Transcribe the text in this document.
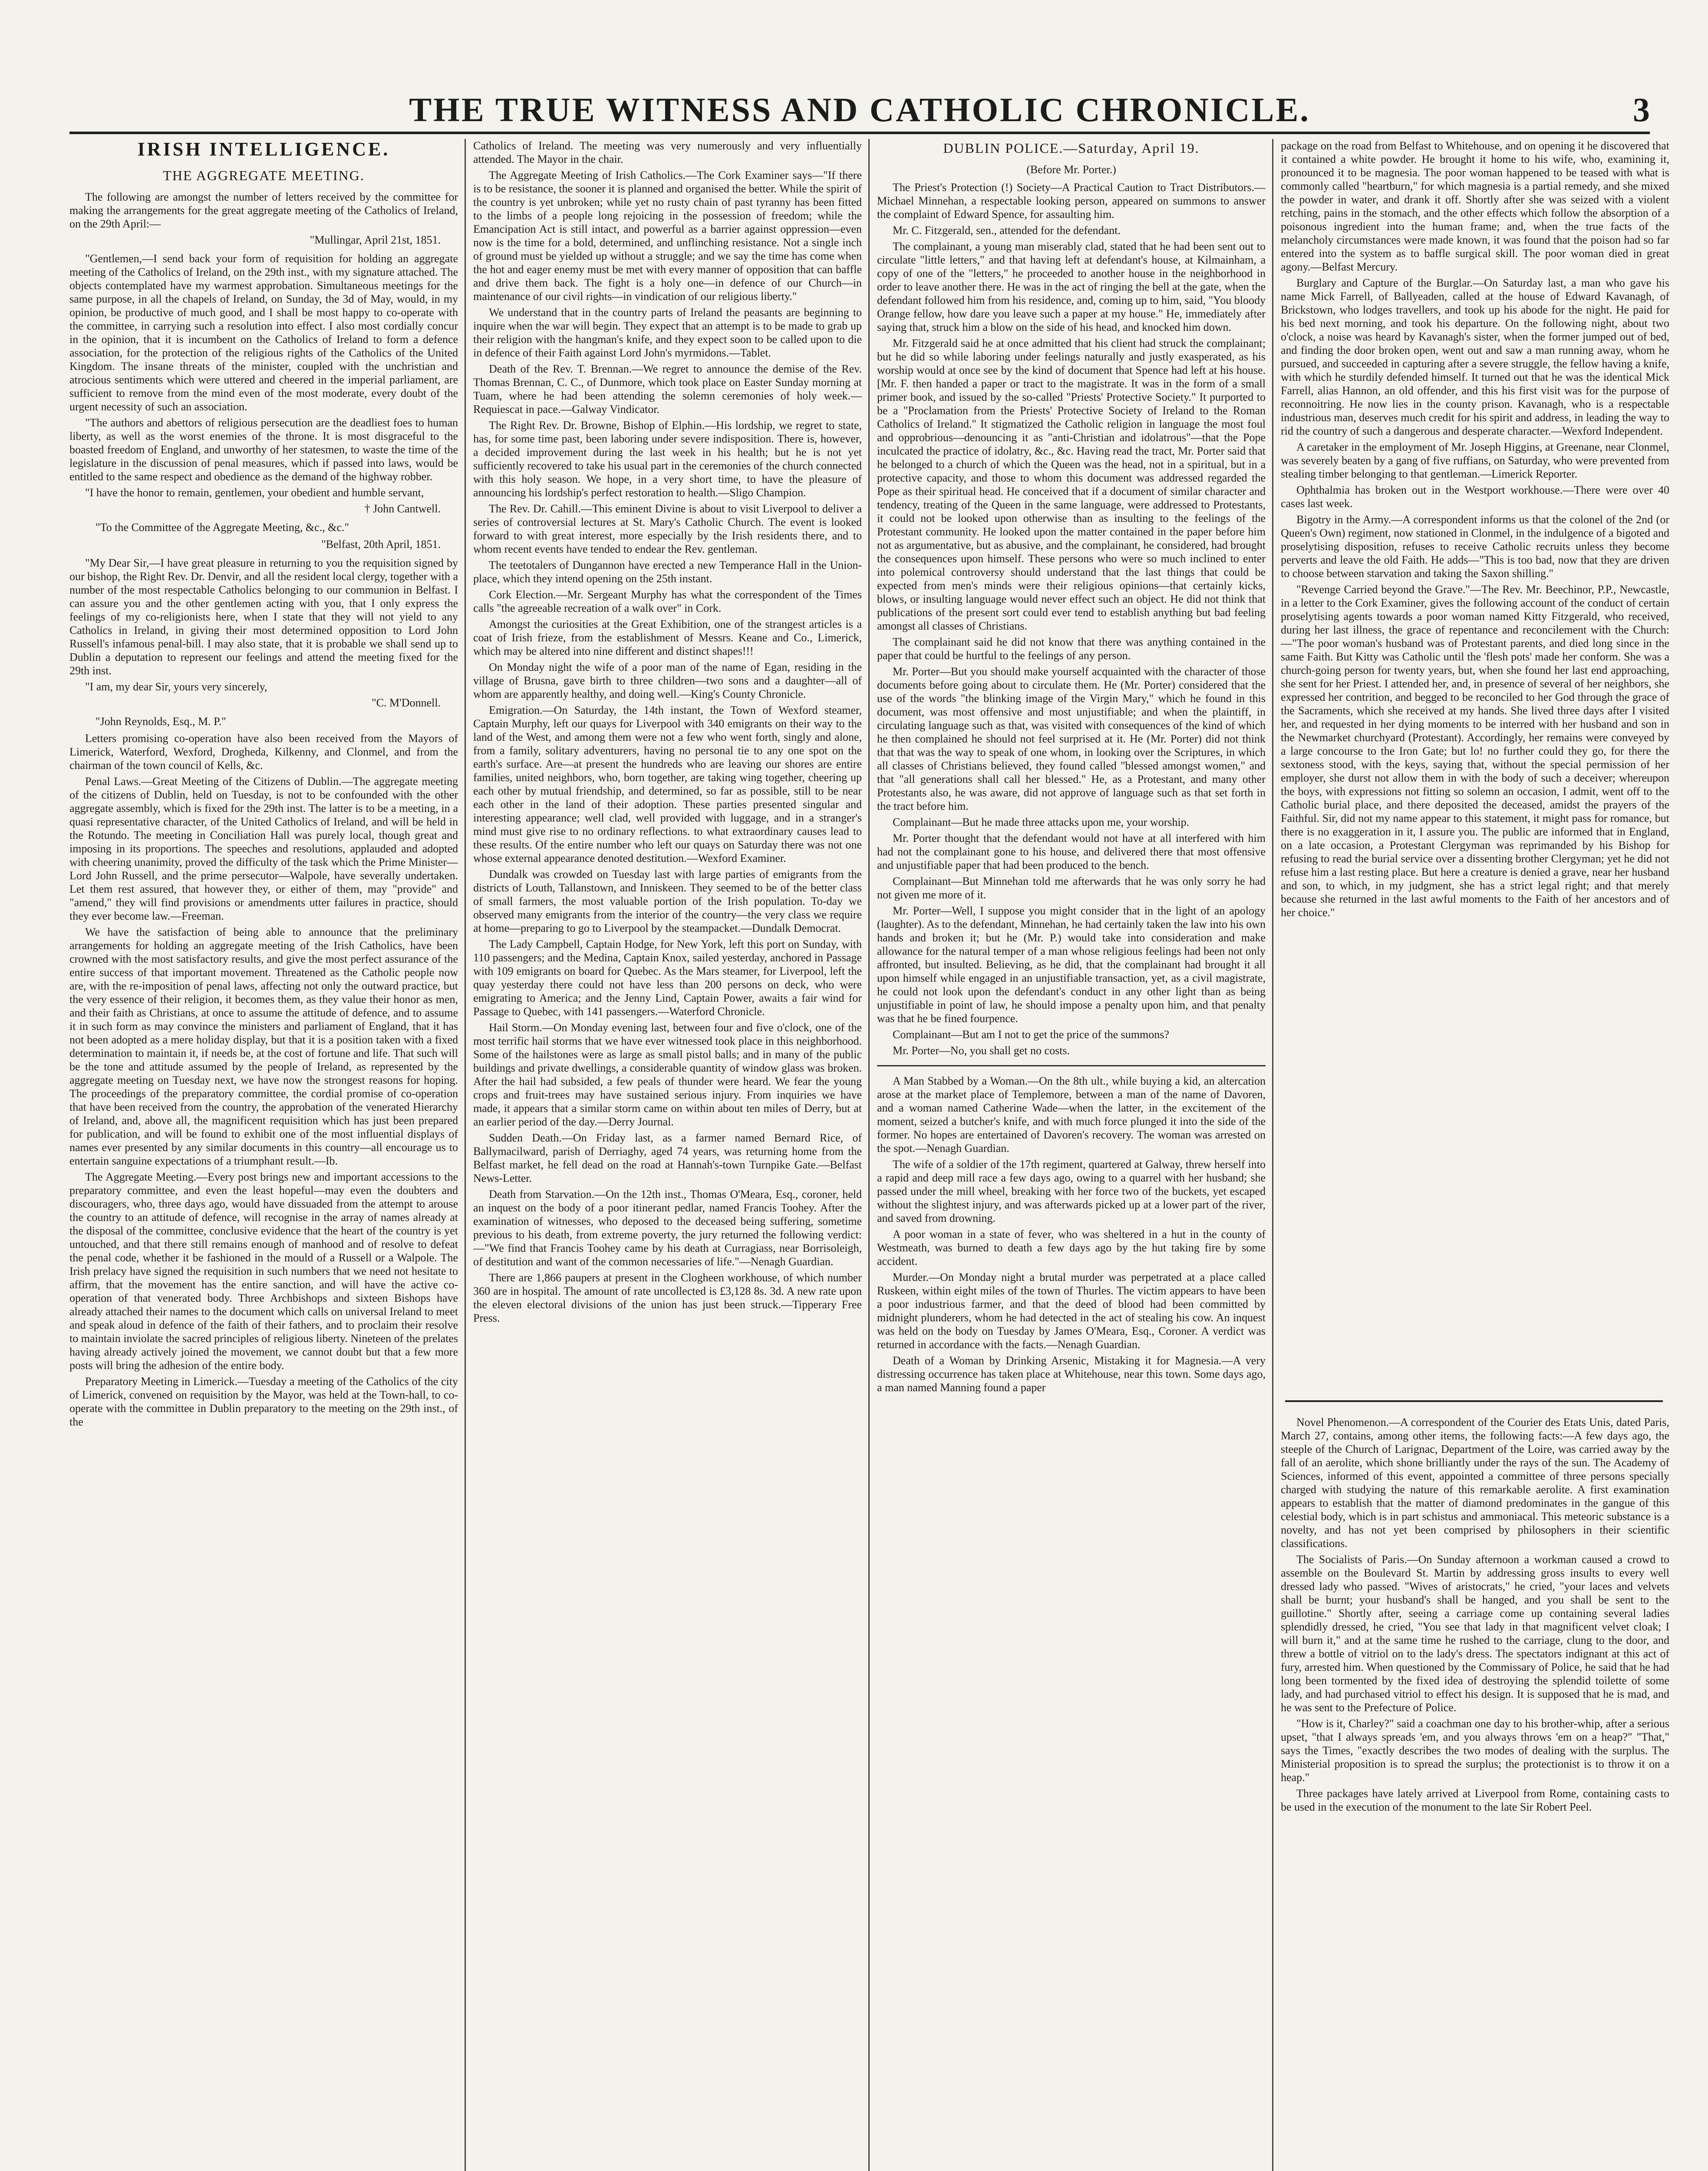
THE TRUE WITNESS AND CATHOLIC CHRONICLE.	3
IRISH INTELLIGENCE.
THE AGGREGATE MEETING.

The following are amongst the number of letters received by the committee for making the arrangements for the great aggregate meeting of the Catholics of Ireland, on the 29th April:—

"Mullingar, April 21st, 1851.

"Gentlemen,—I send back your form of requisition for holding an aggregate meeting of the Catholics of Ireland, on the 29th inst., with my signature attached. The objects contemplated have my warmest approbation. Simultaneous meetings for the same purpose, in all the chapels of Ireland, on Sunday, the 3d of May, would, in my opinion, be productive of much good, and I shall be most happy to co-operate with the committee, in carrying such a resolution into effect. I also most cordially concur in the opinion, that it is incumbent on the Catholics of Ireland to form a defence association, for the protection of the religious rights of the Catholics of the United Kingdom. The insane threats of the minister, coupled with the unchristian and atrocious sentiments which were uttered and cheered in the imperial parliament, are sufficient to remove from the mind even of the most moderate, every doubt of the urgent necessity of such an association.

"The authors and abettors of religious persecution are the deadliest foes to human liberty, as well as the worst enemies of the throne. It is most disgraceful to the boasted freedom of England, and unworthy of her statesmen, to waste the time of the legislature in the discussion of penal measures, which if passed into laws, would be entitled to the same respect and obedience as the demand of the highway robber.

"I have the honor to remain, gentlemen, your obedient and humble servant,

† John Cantwell.

"To the Committee of the Aggregate Meeting, &c., &c."

"Belfast, 20th April, 1851.

"My Dear Sir,—I have great pleasure in returning to you the requisition signed by our bishop, the Right Rev. Dr. Denvir, and all the resident local clergy, together with a number of the most respectable Catholics belonging to our communion in Belfast. I can assure you and the other gentlemen acting with you, that I only express the feelings of my co-religionists here, when I state that they will not yield to any Catholics in Ireland, in giving their most determined opposition to Lord John Russell's infamous penal-bill. I may also state, that it is probable we shall send up to Dublin a deputation to represent our feelings and attend the meeting fixed for the 29th inst.

"I am, my dear Sir, yours very sincerely,

"C. M'Donnell.

"John Reynolds, Esq., M. P."

Letters promising co-operation have also been received from the Mayors of Limerick, Waterford, Wexford, Drogheda, Kilkenny, and Clonmel, and from the chairman of the town council of Kells, &c.

Penal Laws.—Great Meeting of the Citizens of Dublin.—The aggregate meeting of the citizens of Dublin, held on Tuesday, is not to be confounded with the other aggregate assembly, which is fixed for the 29th inst. The latter is to be a meeting, in a quasi representative character, of the United Catholics of Ireland, and will be held in the Rotundo. The meeting in Conciliation Hall was purely local, though great and imposing in its proportions. The speeches and resolutions, applauded and adopted with cheering unanimity, proved the difficulty of the task which the Prime Minister—Lord John Russell, and the prime persecutor—Walpole, have severally undertaken. Let them rest assured, that however they, or either of them, may "provide" and "amend," they will find provisions or amendments utter failures in practice, should they ever become law.—Freeman.

We have the satisfaction of being able to announce that the preliminary arrangements for holding an aggregate meeting of the Irish Catholics, have been crowned with the most satisfactory results, and give the most perfect assurance of the entire success of that important movement. Threatened as the Catholic people now are, with the re-imposition of penal laws, affecting not only the outward practice, but the very essence of their religion, it becomes them, as they value their honor as men, and their faith as Christians, at once to assume the attitude of defence, and to assume it in such form as may convince the ministers and parliament of England, that it has not been adopted as a mere holiday display, but that it is a position taken with a fixed determination to maintain it, if needs be, at the cost of fortune and life. That such will be the tone and attitude assumed by the people of Ireland, as represented by the aggregate meeting on Tuesday next, we have now the strongest reasons for hoping. The proceedings of the preparatory committee, the cordial promise of co-operation that have been received from the country, the approbation of the venerated Hierarchy of Ireland, and, above all, the magnificent requisition which has just been prepared for publication, and will be found to exhibit one of the most influential displays of names ever presented by any similar documents in this country—all encourage us to entertain sanguine expectations of a triumphant result.—Ib.

The Aggregate Meeting.—Every post brings new and important accessions to the preparatory committee, and even the least hopeful—may even the doubters and discouragers, who, three days ago, would have dissuaded from the attempt to arouse the country to an attitude of defence, will recognise in the array of names already at the disposal of the committee, conclusive evidence that the heart of the country is yet untouched, and that there still remains enough of manhood and of resolve to defeat the penal code, whether it be fashioned in the mould of a Russell or a Walpole. The Irish prelacy have signed the requisition in such numbers that we need not hesitate to affirm, that the movement has the entire sanction, and will have the active co-operation of that venerated body. Three Archbishops and sixteen Bishops have already attached their names to the document which calls on universal Ireland to meet and speak aloud in defence of the faith of their fathers, and to proclaim their resolve to maintain inviolate the sacred principles of religious liberty. Nineteen of the prelates having already actively joined the movement, we cannot doubt but that a few more posts will bring the adhesion of the entire body.

Preparatory Meeting in Limerick.—Tuesday a meeting of the Catholics of the city of Limerick, convened on requisition by the Mayor, was held at the Town-hall, to co-operate with the committee in Dublin preparatory to the meeting on the 29th inst., of the

Catholics of Ireland. The meeting was very numerously and very influentially attended. The Mayor in the chair.

The Aggregate Meeting of Irish Catholics.—The Cork Examiner says—"If there is to be resistance, the sooner it is planned and organised the better. While the spirit of the country is yet unbroken; while yet no rusty chain of past tyranny has been fitted to the limbs of a people long rejoicing in the possession of freedom; while the Emancipation Act is still intact, and powerful as a barrier against oppression—even now is the time for a bold, determined, and unflinching resistance. Not a single inch of ground must be yielded up without a struggle; and we say the time has come when the hot and eager enemy must be met with every manner of opposition that can baffle and drive them back. The fight is a holy one—in defence of our Church—in maintenance of our civil rights—in vindication of our religious liberty."

We understand that in the country parts of Ireland the peasants are beginning to inquire when the war will begin. They expect that an attempt is to be made to grab up their religion with the hangman's knife, and they expect soon to be called upon to die in defence of their Faith against Lord John's myrmidons.—Tablet.

Death of the Rev. T. Brennan.—We regret to announce the demise of the Rev. Thomas Brennan, C. C., of Dunmore, which took place on Easter Sunday morning at Tuam, where he had been attending the solemn ceremonies of holy week.—Requiescat in pace.—Galway Vindicator.

The Right Rev. Dr. Browne, Bishop of Elphin.—His lordship, we regret to state, has, for some time past, been laboring under severe indisposition. There is, however, a decided improvement during the last week in his health; but he is not yet sufficiently recovered to take his usual part in the ceremonies of the church connected with this holy season. We hope, in a very short time, to have the pleasure of announcing his lordship's perfect restoration to health.—Sligo Champion.

The Rev. Dr. Cahill.—This eminent Divine is about to visit Liverpool to deliver a series of controversial lectures at St. Mary's Catholic Church. The event is looked forward to with great interest, more especially by the Irish residents there, and to whom recent events have tended to endear the Rev. gentleman.

The teetotalers of Dungannon have erected a new Temperance Hall in the Union-place, which they intend opening on the 25th instant.

Cork Election.—Mr. Sergeant Murphy has what the correspondent of the Times calls "the agreeable recreation of a walk over" in Cork.

Amongst the curiosities at the Great Exhibition, one of the strangest articles is a coat of Irish frieze, from the establishment of Messrs. Keane and Co., Limerick, which may be altered into nine different and distinct shapes!!!

On Monday night the wife of a poor man of the name of Egan, residing in the village of Brusna, gave birth to three children—two sons and a daughter—all of whom are apparently healthy, and doing well.—King's County Chronicle.

Emigration.—On Saturday, the 14th instant, the Town of Wexford steamer, Captain Murphy, left our quays for Liverpool with 340 emigrants on their way to the land of the West, and among them were not a few who went forth, singly and alone, from a family, solitary adventurers, having no personal tie to any one spot on the earth's surface. Are—at present the hundreds who are leaving our shores are entire families, united neighbors, who, born together, are taking wing together, cheering up each other by mutual friendship, and determined, so far as possible, still to be near each other in the land of their adoption. These parties presented singular and interesting appearance; well clad, well provided with luggage, and in a stranger's mind must give rise to no ordinary reflections. to what extraordinary causes lead to these results. Of the entire number who left our quays on Saturday there was not one whose external appearance denoted destitution.—Wexford Examiner.

Dundalk was crowded on Tuesday last with large parties of emigrants from the districts of Louth, Tallanstown, and Inniskeen. They seemed to be of the better class of small farmers, the most valuable portion of the Irish population. To-day we observed many emigrants from the interior of the country—the very class we require at home—preparing to go to Liverpool by the steampacket.—Dundalk Democrat.

The Lady Campbell, Captain Hodge, for New York, left this port on Sunday, with 110 passengers; and the Medina, Captain Knox, sailed yesterday, anchored in Passage with 109 emigrants on board for Quebec. As the Mars steamer, for Liverpool, left the quay yesterday there could not have less than 200 persons on deck, who were emigrating to America; and the Jenny Lind, Captain Power, awaits a fair wind for Passage to Quebec, with 141 passengers.—Waterford Chronicle.

Hail Storm.—On Monday evening last, between four and five o'clock, one of the most terrific hail storms that we have ever witnessed took place in this neighborhood. Some of the hailstones were as large as small pistol balls; and in many of the public buildings and private dwellings, a considerable quantity of window glass was broken. After the hail had subsided, a few peals of thunder were heard. We fear the young crops and fruit-trees may have sustained serious injury. From inquiries we have made, it appears that a similar storm came on within about ten miles of Derry, but at an earlier period of the day.—Derry Journal.

Sudden Death.—On Friday last, as a farmer named Bernard Rice, of Ballymacilward, parish of Derriaghy, aged 74 years, was returning home from the Belfast market, he fell dead on the road at Hannah's-town Turnpike Gate.—Belfast News-Letter.

Death from Starvation.—On the 12th inst., Thomas O'Meara, Esq., coroner, held an inquest on the body of a poor itinerant pedlar, named Francis Toohey. After the examination of witnesses, who deposed to the deceased being suffering, sometime previous to his death, from extreme poverty, the jury returned the following verdict:—"We find that Francis Toohey came by his death at Curragiass, near Borrisoleigh, of destitution and want of the common necessaries of life."—Nenagh Guardian.

There are 1,866 paupers at present in the Clogheen workhouse, of which number 360 are in hospital. The amount of rate uncollected is £3,128 8s. 3d. A new rate upon the eleven electoral divisions of the union has just been struck.—Tipperary Free Press.

DUBLIN POLICE.—Saturday, April 19.
(Before Mr. Porter.)

The Priest's Protection (!) Society—A Practical Caution to Tract Distributors.—Michael Minnehan, a respectable looking person, appeared on summons to answer the complaint of Edward Spence, for assaulting him.

Mr. C. Fitzgerald, sen., attended for the defendant.

The complainant, a young man miserably clad, stated that he had been sent out to circulate "little letters," and that having left at defendant's house, at Kilmainham, a copy of one of the "letters," he proceeded to another house in the neighborhood in order to leave another there. He was in the act of ringing the bell at the gate, when the defendant followed him from his residence, and, coming up to him, said, "You bloody Orange fellow, how dare you leave such a paper at my house." He, immediately after saying that, struck him a blow on the side of his head, and knocked him down.

Mr. Fitzgerald said he at once admitted that his client had struck the complainant; but he did so while laboring under feelings naturally and justly exasperated, as his worship would at once see by the kind of document that Spence had left at his house. [Mr. F. then handed a paper or tract to the magistrate. It was in the form of a small primer book, and issued by the so-called "Priests' Protective Society." It purported to be a "Proclamation from the Priests' Protective Society of Ireland to the Roman Catholics of Ireland." It stigmatized the Catholic religion in language the most foul and opprobrious—denouncing it as "anti-Christian and idolatrous"—that the Pope inculcated the practice of idolatry, &c., &c. Having read the tract, Mr. Porter said that he belonged to a church of which the Queen was the head, not in a spiritual, but in a protective capacity, and those to whom this document was addressed regarded the Pope as their spiritual head. He conceived that if a document of similar character and tendency, treating of the Queen in the same language, were addressed to Protestants, it could not be looked upon otherwise than as insulting to the feelings of the Protestant community. He looked upon the matter contained in the paper before him not as argumentative, but as abusive, and the complainant, he considered, had brought the consequences upon himself. These persons who were so much inclined to enter into polemical controversy should understand that the last things that could be expected from men's minds were their religious opinions—that certainly kicks, blows, or insulting language would never effect such an object. He did not think that publications of the present sort could ever tend to establish anything but bad feeling amongst all classes of Christians.

The complainant said he did not know that there was anything contained in the paper that could be hurtful to the feelings of any person.

Mr. Porter—But you should make yourself acquainted with the character of those documents before going about to circulate them. He (Mr. Porter) considered that the use of the words "the blinking image of the Virgin Mary," which he found in this document, was most offensive and most unjustifiable; and when the plaintiff, in circulating language such as that, was visited with consequences of the kind of which he then complained he should not feel surprised at it. He (Mr. Porter) did not think that that was the way to speak of one whom, in looking over the Scriptures, in which all classes of Christians believed, they found called "blessed amongst women," and that "all generations shall call her blessed." He, as a Protestant, and many other Protestants also, he was aware, did not approve of language such as that set forth in the tract before him.

Complainant—But he made three attacks upon me, your worship.

Mr. Porter thought that the defendant would not have at all interfered with him had not the complainant gone to his house, and delivered there that most offensive and unjustifiable paper that had been produced to the bench.

Complainant—But Minnehan told me afterwards that he was only sorry he had not given me more of it.

Mr. Porter—Well, I suppose you might consider that in the light of an apology (laughter). As to the defendant, Minnehan, he had certainly taken the law into his own hands and broken it; but he (Mr. P.) would take into consideration and make allowance for the natural temper of a man whose religious feelings had been not only affronted, but insulted. Believing, as he did, that the complainant had brought it all upon himself while engaged in an unjustifiable transaction, yet, as a civil magistrate, he could not look upon the defendant's conduct in any other light than as being unjustifiable in point of law, he should impose a penalty upon him, and that penalty was that he be fined fourpence.

Complainant—But am I not to get the price of the summons?

Mr. Porter—No, you shall get no costs.

A Man Stabbed by a Woman.—On the 8th ult., while buying a kid, an altercation arose at the market place of Templemore, between a man of the name of Davoren, and a woman named Catherine Wade—when the latter, in the excitement of the moment, seized a butcher's knife, and with much force plunged it into the side of the former. No hopes are entertained of Davoren's recovery. The woman was arrested on the spot.—Nenagh Guardian.

The wife of a soldier of the 17th regiment, quartered at Galway, threw herself into a rapid and deep mill race a few days ago, owing to a quarrel with her husband; she passed under the mill wheel, breaking with her force two of the buckets, yet escaped without the slightest injury, and was afterwards picked up at a lower part of the river, and saved from drowning.

A poor woman in a state of fever, who was sheltered in a hut in the county of Westmeath, was burned to death a few days ago by the hut taking fire by some accident.

Murder.—On Monday night a brutal murder was perpetrated at a place called Ruskeen, within eight miles of the town of Thurles. The victim appears to have been a poor industrious farmer, and that the deed of blood had been committed by midnight plunderers, whom he had detected in the act of stealing his cow. An inquest was held on the body on Tuesday by James O'Meara, Esq., Coroner. A verdict was returned in accordance with the facts.—Nenagh Guardian.

Death of a Woman by Drinking Arsenic, Mistaking it for Magnesia.—A very distressing occurrence has taken place at Whitehouse, near this town. Some days ago, a man named Manning found a paper

package on the road from Belfast to Whitehouse, and on opening it he discovered that it contained a white powder. He brought it home to his wife, who, examining it, pronounced it to be magnesia. The poor woman happened to be teased with what is commonly called "heartburn," for which magnesia is a partial remedy, and she mixed the powder in water, and drank it off. Shortly after she was seized with a violent retching, pains in the stomach, and the other effects which follow the absorption of a poisonous ingredient into the human frame; and, when the true facts of the melancholy circumstances were made known, it was found that the poison had so far entered into the system as to baffle surgical skill. The poor woman died in great agony.—Belfast Mercury.

Burglary and Capture of the Burglar.—On Saturday last, a man who gave his name Mick Farrell, of Ballyeaden, called at the house of Edward Kavanagh, of Brickstown, who lodges travellers, and took up his abode for the night. He paid for his bed next morning, and took his departure. On the following night, about two o'clock, a noise was heard by Kavanagh's sister, when the former jumped out of bed, and finding the door broken open, went out and saw a man running away, whom he pursued, and succeeded in capturing after a severe struggle, the fellow having a knife, with which he sturdily defended himself. It turned out that he was the identical Mick Farrell, alias Hannon, an old offender, and this his first visit was for the purpose of reconnoitring. He now lies in the county prison. Kavanagh, who is a respectable industrious man, deserves much credit for his spirit and address, in leading the way to rid the country of such a dangerous and desperate character.—Wexford Independent.

A caretaker in the employment of Mr. Joseph Higgins, at Greenane, near Clonmel, was severely beaten by a gang of five ruffians, on Saturday, who were prevented from stealing timber belonging to that gentleman.—Limerick Reporter.

Ophthalmia has broken out in the Westport workhouse.—There were over 40 cases last week.

Bigotry in the Army.—A correspondent informs us that the colonel of the 2nd (or Queen's Own) regiment, now stationed in Clonmel, in the indulgence of a bigoted and proselytising disposition, refuses to receive Catholic recruits unless they become perverts and leave the old Faith. He adds—"This is too bad, now that they are driven to choose between starvation and taking the Saxon shilling."

"Revenge Carried beyond the Grave."—The Rev. Mr. Beechinor, P.P., Newcastle, in a letter to the Cork Examiner, gives the following account of the conduct of certain proselytising agents towards a poor woman named Kitty Fitzgerald, who received, during her last illness, the grace of repentance and reconcilement with the Church:—"The poor woman's husband was of Protestant parents, and died long since in the same Faith. But Kitty was Catholic until the 'flesh pots' made her conform. She was a church-going person for twenty years, but, when she found her last end approaching, she sent for her Priest. I attended her, and, in presence of several of her neighbors, she expressed her contrition, and begged to be reconciled to her God through the grace of the Sacraments, which she received at my hands. She lived three days after I visited her, and requested in her dying moments to be interred with her husband and son in the Newmarket churchyard (Protestant). Accordingly, her remains were conveyed by a large concourse to the Iron Gate; but lo! no further could they go, for there the sextoness stood, with the keys, saying that, without the special permission of her employer, she durst not allow them in with the body of such a deceiver; whereupon the boys, with expressions not fitting so solemn an occasion, I admit, went off to the Catholic burial place, and there deposited the deceased, amidst the prayers of the Faithful. Sir, did not my name appear to this statement, it might pass for romance, but there is no exaggeration in it, I assure you. The public are informed that in England, on a late occasion, a Protestant Clergyman was reprimanded by his Bishop for refusing to read the burial service over a dissenting brother Clergyman; yet he did not refuse him a last resting place. But here a creature is denied a grave, near her husband and son, to which, in my judgment, she has a strict legal right; and that merely because she returned in the last awful moments to the Faith of her ancestors and of her choice."

Novel Phenomenon.—A correspondent of the Courier des Etats Unis, dated Paris, March 27, contains, among other items, the following facts:—A few days ago, the steeple of the Church of Larignac, Department of the Loire, was carried away by the fall of an aerolite, which shone brilliantly under the rays of the sun. The Academy of Sciences, informed of this event, appointed a committee of three persons specially charged with studying the nature of this remarkable aerolite. A first examination appears to establish that the matter of diamond predominates in the gangue of this celestial body, which is in part schistus and ammoniacal. This meteoric substance is a novelty, and has not yet been comprised by philosophers in their scientific classifications.

The Socialists of Paris.—On Sunday afternoon a workman caused a crowd to assemble on the Boulevard St. Martin by addressing gross insults to every well dressed lady who passed. "Wives of aristocrats," he cried, "your laces and velvets shall be burnt; your husband's shall be hanged, and you shall be sent to the guillotine." Shortly after, seeing a carriage come up containing several ladies splendidly dressed, he cried, "You see that lady in that magnificent velvet cloak; I will burn it," and at the same time he rushed to the carriage, clung to the door, and threw a bottle of vitriol on to the lady's dress. The spectators indignant at this act of fury, arrested him. When questioned by the Commissary of Police, he said that he had long been tormented by the fixed idea of destroying the splendid toilette of some lady, and had purchased vitriol to effect his design. It is supposed that he is mad, and he was sent to the Prefecture of Police.

"How is it, Charley?" said a coachman one day to his brother-whip, after a serious upset, "that I always spreads 'em, and you always throws 'em on a heap?" "That," says the Times, "exactly describes the two modes of dealing with the surplus. The Ministerial proposition is to spread the surplus; the protectionist is to throw it on a heap."

Three packages have lately arrived at Liverpool from Rome, containing casts to be used in the execution of the monument to the late Sir Robert Peel.
